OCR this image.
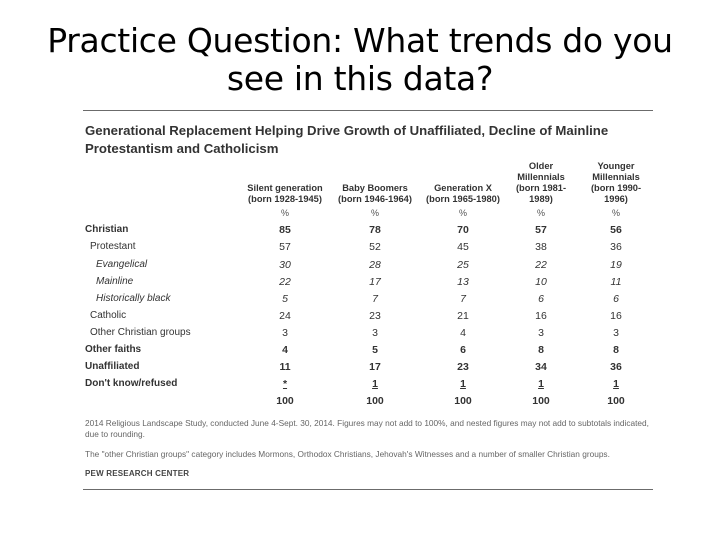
Practice Question: What trends do you
see in this data?
Generational Replacement Helping Drive Growth of Unaffiliated, Decline of Mainline
Protestantism and Catholicism
Silent generation
(born 1928-1945)
%
Baby Boomers
(born 1946-1964)
%
Generation X
(born 1965-1980)
%
Older
Millennials
(born 1981-
1989)
%
Younger
Millennials
(born 1990-
1996)
%
Christian	85	78	70	57	56
Protestant	57	52	45	38	36
Evangelical	30	28	25	22	19
Mainline	22	17	13	10	11
Historically black	5	7	7	6	6
Catholic	24	23	21	16	16
Other Christian groups	3	3	4	3	3
Other faiths	4	5	6	8	8
Unaffiliated	11	17	23	34	36
Don't know/refused	*	1	1	1	1
100	100	100	100	100
2014 Religious Landscape Study, conducted June 4-Sept. 30, 2014. Figures may not add to 100%, and nested figures may not add to subtotals indicated, due to rounding.
The "other Christian groups" category includes Mormons, Orthodox Christians, Jehovah's Witnesses and a number of smaller Christian groups.
PEW RESEARCH CENTER
